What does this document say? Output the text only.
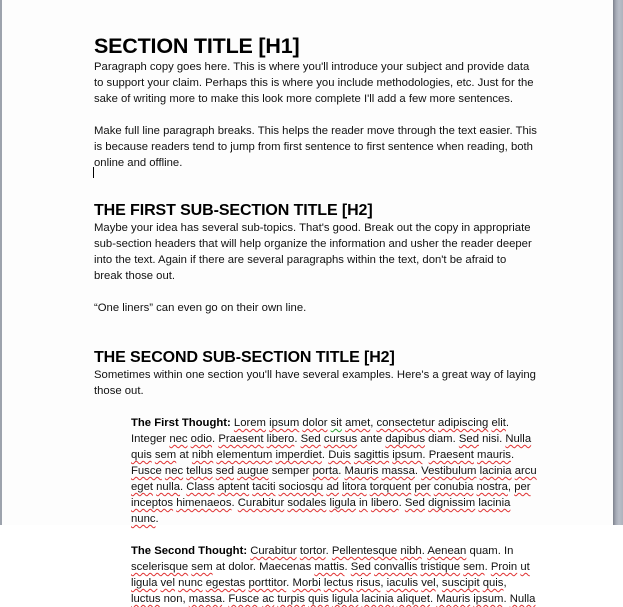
SECTION TITLE [H1]
Paragraph copy goes here. This is where you'll introduce your subject and provide data
to support your claim. Perhaps this is where you include methodologies, etc. Just for the
sake of writing more to make this look more complete I'll add a few more sentences.
Make full line paragraph breaks. This helps the reader move through the text easier. This
is because readers tend to jump from first sentence to first sentence when reading, both
online and offline.
THE FIRST SUB-SECTION TITLE [H2]
Maybe your idea has several sub-topics. That's good. Break out the copy in appropriate
sub-section headers that will help organize the information and usher the reader deeper
into the text. Again if there are several paragraphs within the text, don't be afraid to
break those out.
“One liners” can even go on their own line.
THE SECOND SUB-SECTION TITLE [H2]
Sometimes within one section you'll have several examples. Here's a great way of laying
those out.
The First Thought: Lorem ipsum dolor sit amet, consectetur adipiscing elit.
Integer nec odio. Praesent libero. Sed cursus ante dapibus diam. Sed nisi. Nulla
quis sem at nibh elementum imperdiet. Duis sagittis ipsum. Praesent mauris.
Fusce nec tellus sed augue semper porta. Mauris massa. Vestibulum lacinia arcu
eget nulla. Class aptent taciti sociosqu ad litora torquent per conubia nostra, per
inceptos himenaeos. Curabitur sodales ligula in libero. Sed dignissim lacinia
nunc.
The Second Thought: Curabitur tortor. Pellentesque nibh. Aenean quam. In
scelerisque sem at dolor. Maecenas mattis. Sed convallis tristique sem. Proin ut
ligula vel nunc egestas porttitor. Morbi lectus risus, iaculis vel, suscipit quis,
luctus non, massa. Fusce ac turpis quis ligula lacinia aliquet. Mauris ipsum. Nulla
